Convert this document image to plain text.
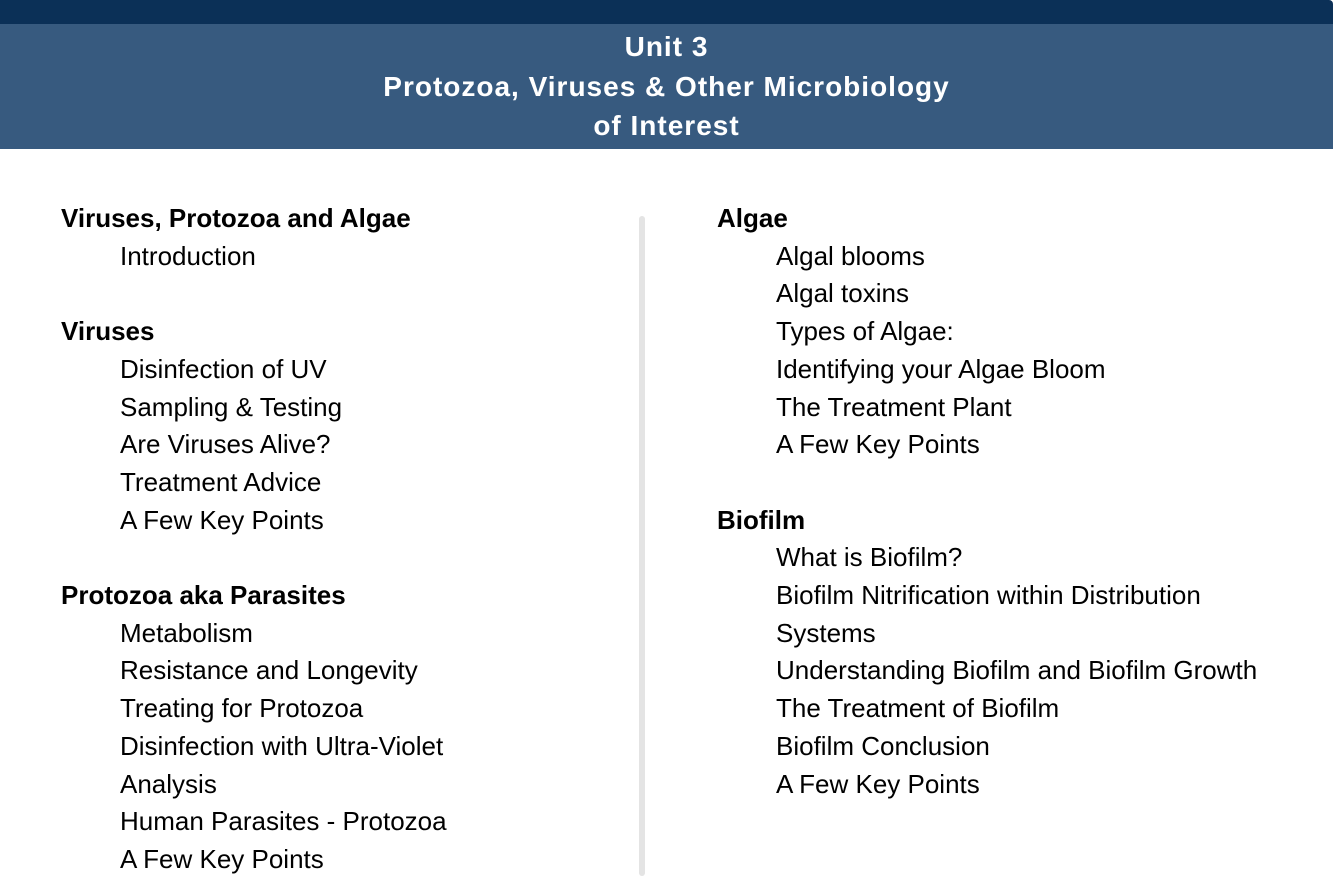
Unit 3
Protozoa, Viruses & Other Microbiology
of Interest
Viruses, Protozoa and Algae
Introduction
Viruses
Disinfection of UV
Sampling & Testing
Are Viruses Alive?
Treatment Advice
A Few Key Points
Protozoa aka Parasites
Metabolism
Resistance and Longevity
Treating for Protozoa
Disinfection with Ultra-Violet
Analysis
Human Parasites - Protozoa
A Few Key Points
Algae
Algal blooms
Algal toxins
Types of Algae:
Identifying your Algae Bloom
The Treatment Plant
A Few Key Points
Biofilm
What is Biofilm?
Biofilm Nitrification within Distribution Systems
Understanding Biofilm and Biofilm Growth
The Treatment of Biofilm
Biofilm Conclusion
A Few Key Points
